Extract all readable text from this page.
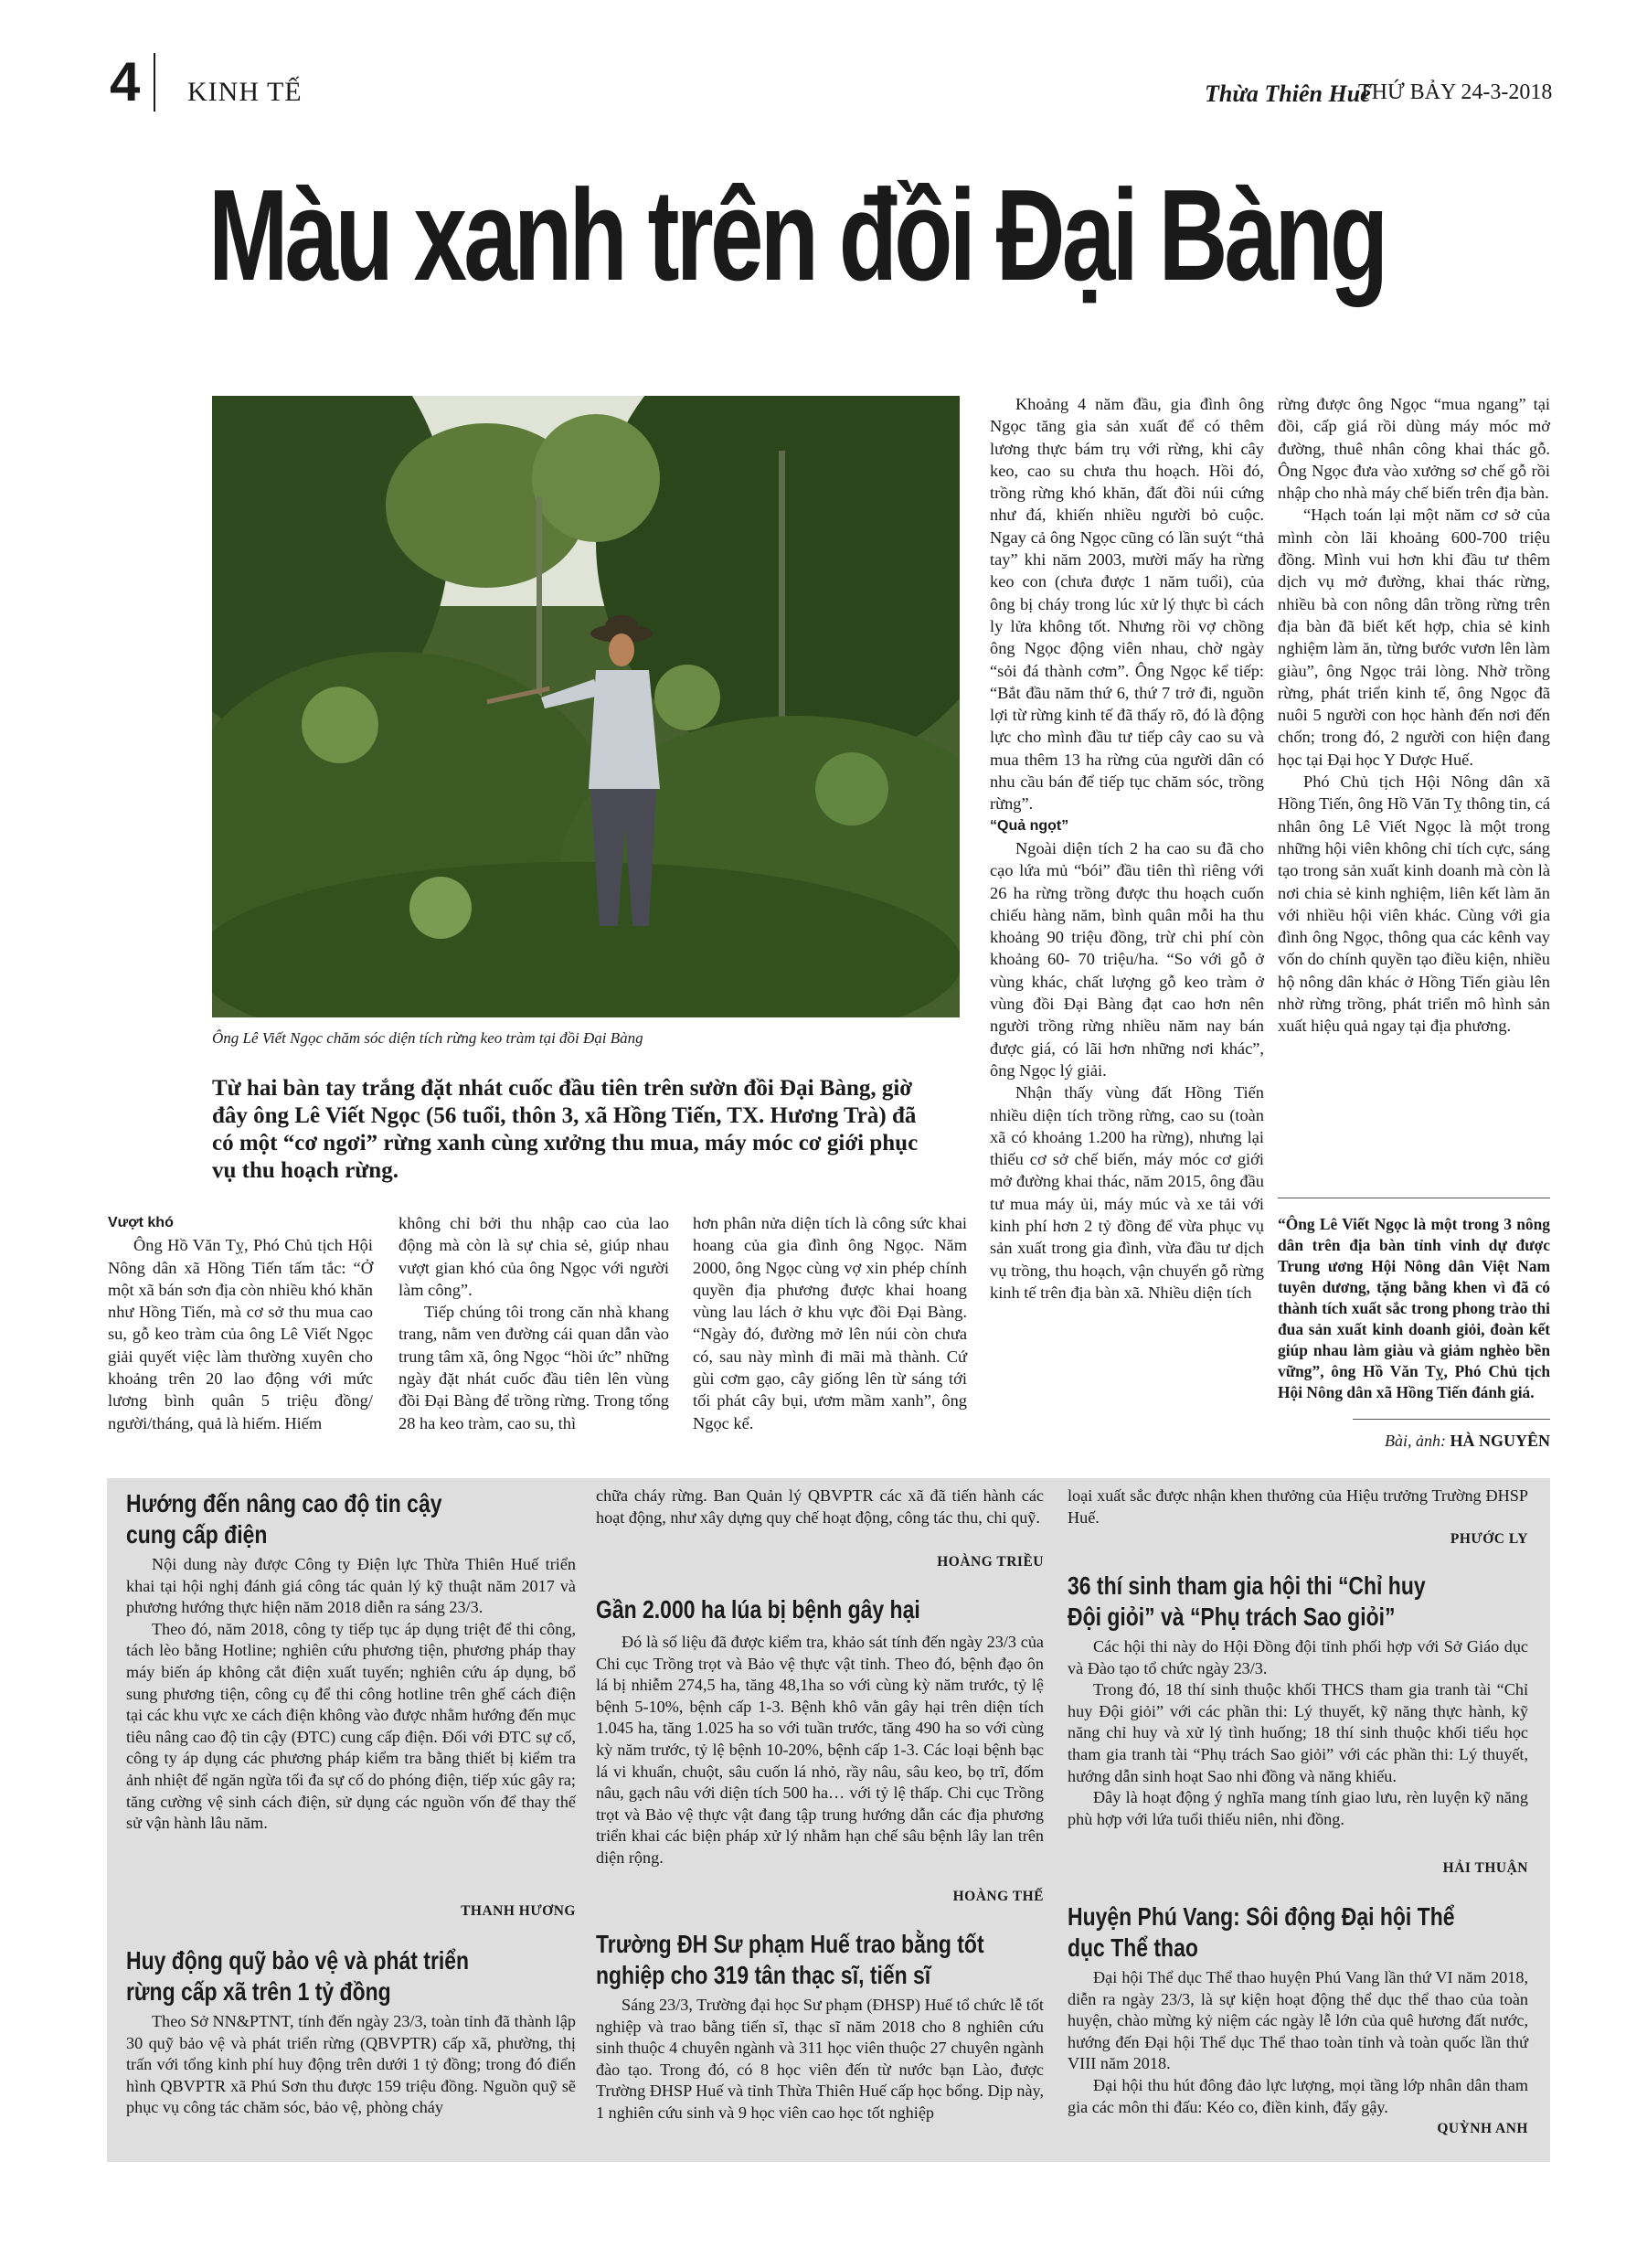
4 KINH TẾ	Thừa Thiên Huế
THỨ BẢY 24-3-2018
Màu xanh trên đồi Đại Bàng
Ông Lê Viết Ngọc chăm sóc diện tích rừng keo tràm tại đồi Đại Bàng
Từ hai bàn tay trắng đặt nhát cuốc đầu tiên trên sườn đồi Đại Bàng, giờ đây ông Lê Viết Ngọc (56 tuổi, thôn 3, xã Hồng Tiến, TX. Hương Trà) đã có một “cơ ngơi” rừng xanh cùng xưởng thu mua, máy móc cơ giới phục vụ thu hoạch rừng.

Vượt khó

Ông Hồ Văn Tỵ, Phó Chủ tịch Hội Nông dân xã Hồng Tiến tấm tắc: “Ở một xã bán sơn địa còn nhiều khó khăn như Hồng Tiến, mà cơ sở thu mua cao su, gỗ keo tràm của ông Lê Viết Ngọc giải quyết việc làm thường xuyên cho khoảng trên 20 lao động với mức lương bình quân 5 triệu đồng/ người/tháng, quả là hiếm. Hiếm

không chỉ bởi thu nhập cao của lao động mà còn là sự chia sẻ, giúp nhau vượt gian khó của ông Ngọc với người làm công”.

Tiếp chúng tôi trong căn nhà khang trang, nằm ven đường cái quan dẫn vào trung tâm xã, ông Ngọc “hồi ức” những ngày đặt nhát cuốc đầu tiên lên vùng đồi Đại Bàng để trồng rừng. Trong tổng 28 ha keo tràm, cao su, thì

hơn phân nửa diện tích là công sức khai hoang của gia đình ông Ngọc. Năm 2000, ông Ngọc cùng vợ xin phép chính quyền địa phương được khai hoang vùng lau lách ở khu vực đồi Đại Bàng. “Ngày đó, đường mở lên núi còn chưa có, sau này mình đi mãi mà thành. Cứ gùi cơm gạo, cây giống lên từ sáng tới tối phát cây bụi, ươm mầm xanh”, ông Ngọc kể.

Khoảng 4 năm đầu, gia đình ông Ngọc tăng gia sản xuất để có thêm lương thực bám trụ với rừng, khi cây keo, cao su chưa thu hoạch. Hồi đó, trồng rừng khó khăn, đất đồi núi cứng như đá, khiến nhiều người bỏ cuộc. Ngay cả ông Ngọc cũng có lần suýt “thả tay” khi năm 2003, mười mấy ha rừng keo con (chưa được 1 năm tuổi), của ông bị cháy trong lúc xử lý thực bì cách ly lửa không tốt. Nhưng rồi vợ chồng ông Ngọc động viên nhau, chờ ngày “sỏi đá thành cơm”. Ông Ngọc kể tiếp: “Bắt đầu năm thứ 6, thứ 7 trở đi, nguồn lợi từ rừng kinh tế đã thấy rõ, đó là động lực cho mình đầu tư tiếp cây cao su và mua thêm 13 ha rừng của người dân có nhu cầu bán để tiếp tục chăm sóc, trồng rừng”.

“Quả ngọt”

Ngoài diện tích 2 ha cao su đã cho cạo lứa mủ “bói” đầu tiên thì riêng với 26 ha rừng trồng được thu hoạch cuốn chiếu hàng năm, bình quân mỗi ha thu khoảng 90 triệu đồng, trừ chi phí còn khoảng 60- 70 triệu/ha. “So với gỗ ở vùng khác, chất lượng gỗ keo tràm ở vùng đồi Đại Bàng đạt cao hơn nên người trồng rừng nhiều năm nay bán được giá, có lãi hơn những nơi khác”, ông Ngọc lý giải.

Nhận thấy vùng đất Hồng Tiến nhiều diện tích trồng rừng, cao su (toàn xã có khoảng 1.200 ha rừng), nhưng lại thiếu cơ sở chế biến, máy móc cơ giới mở đường khai thác, năm 2015, ông đầu tư mua máy ủi, máy múc và xe tải với kinh phí hơn 2 tỷ đồng để vừa phục vụ sản xuất trong gia đình, vừa đầu tư dịch vụ trồng, thu hoạch, vận chuyển gỗ rừng kinh tế trên địa bàn xã. Nhiều diện tích

rừng được ông Ngọc “mua ngang” tại đồi, cấp giá rồi dùng máy móc mở đường, thuê nhân công khai thác gỗ. Ông Ngọc đưa vào xưởng sơ chế gỗ rồi nhập cho nhà máy chế biến trên địa bàn.

“Hạch toán lại một năm cơ sở của mình còn lãi khoảng 600-700 triệu đồng. Mình vui hơn khi đầu tư thêm dịch vụ mở đường, khai thác rừng, nhiều bà con nông dân trồng rừng trên địa bàn đã biết kết hợp, chia sẻ kinh nghiệm làm ăn, từng bước vươn lên làm giàu”, ông Ngọc trải lòng. Nhờ trồng rừng, phát triển kinh tế, ông Ngọc đã nuôi 5 người con học hành đến nơi đến chốn; trong đó, 2 người con hiện đang học tại Đại học Y Dược Huế.

Phó Chủ tịch Hội Nông dân xã Hồng Tiến, ông Hồ Văn Tỵ thông tin, cá nhân ông Lê Viết Ngọc là một trong những hội viên không chỉ tích cực, sáng tạo trong sản xuất kinh doanh mà còn là nơi chia sẻ kinh nghiệm, liên kết làm ăn với nhiều hội viên khác. Cùng với gia đình ông Ngọc, thông qua các kênh vay vốn do chính quyền tạo điều kiện, nhiều hộ nông dân khác ở Hồng Tiến giàu lên nhờ rừng trồng, phát triển mô hình sản xuất hiệu quả ngay tại địa phương.

“Ông Lê Viết Ngọc là một trong 3 nông dân trên địa bàn tỉnh vinh dự được Trung ương Hội Nông dân Việt Nam tuyên dương, tặng bằng khen vì đã có thành tích xuất sắc trong phong trào thi đua sản xuất kinh doanh giỏi, đoàn kết giúp nhau làm giàu và giảm nghèo bền vững”, ông Hồ Văn Tỵ, Phó Chủ tịch Hội Nông dân xã Hồng Tiến đánh giá.
Bài, ảnh: HÀ NGUYÊN
Hướng đến nâng cao độ tin cậy
cung cấp điện

Nội dung này được Công ty Điện lực Thừa Thiên Huế triển khai tại hội nghị đánh giá công tác quản lý kỹ thuật năm 2017 và phương hướng thực hiện năm 2018 diễn ra sáng 23/3.

Theo đó, năm 2018, công ty tiếp tục áp dụng triệt để thi công, tách lèo bằng Hotline; nghiên cứu phương tiện, phương pháp thay máy biến áp không cắt điện xuất tuyến; nghiên cứu áp dụng, bổ sung phương tiện, công cụ để thi công hotline trên ghế cách điện tại các khu vực xe cách điện không vào được nhằm hướng đến mục tiêu nâng cao độ tin cậy (ĐTC) cung cấp điện. Đối với ĐTC sự cố, công ty áp dụng các phương pháp kiểm tra bằng thiết bị kiểm tra ảnh nhiệt để ngăn ngừa tối đa sự cố do phóng điện, tiếp xúc gây ra; tăng cường vệ sinh cách điện, sử dụng các nguồn vốn để thay thế sử vận hành lâu năm.

THANH HƯƠNG
Huy động quỹ bảo vệ và phát triển
rừng cấp xã trên 1 tỷ đồng

Theo Sở NN&PTNT, tính đến ngày 23/3, toàn tỉnh đã thành lập 30 quỹ bảo vệ và phát triển rừng (QBVPTR) cấp xã, phường, thị trấn với tổng kinh phí huy động trên dưới 1 tỷ đồng; trong đó điển hình QBVPTR xã Phú Sơn thu được 159 triệu đồng. Nguồn quỹ sẽ phục vụ công tác chăm sóc, bảo vệ, phòng cháy

chữa cháy rừng. Ban Quản lý QBVPTR các xã đã tiến hành các hoạt động, như xây dựng quy chế hoạt động, công tác thu, chi quỹ.

HOÀNG TRIỀU
Gần 2.000 ha lúa bị bệnh gây hại

Đó là số liệu đã được kiểm tra, khảo sát tính đến ngày 23/3 của Chi cục Trồng trọt và Bảo vệ thực vật tỉnh. Theo đó, bệnh đạo ôn lá bị nhiễm 274,5 ha, tăng 48,1ha so với cùng kỳ năm trước, tỷ lệ bệnh 5-10%, bệnh cấp 1-3. Bệnh khô vằn gây hại trên diện tích 1.045 ha, tăng 1.025 ha so với tuần trước, tăng 490 ha so với cùng kỳ năm trước, tỷ lệ bệnh 10-20%, bệnh cấp 1-3. Các loại bệnh bạc lá vi khuẩn, chuột, sâu cuốn lá nhỏ, rầy nâu, sâu keo, bọ trĩ, đốm nâu, gạch nâu với diện tích 500 ha… với tỷ lệ thấp. Chi cục Trồng trọt và Bảo vệ thực vật đang tập trung hướng dẫn các địa phương triển khai các biện pháp xử lý nhằm hạn chế sâu bệnh lây lan trên diện rộng.

HOÀNG THẾ
Trường ĐH Sư phạm Huế trao bằng tốt
nghiệp cho 319 tân thạc sĩ, tiến sĩ

Sáng 23/3, Trường đại học Sư phạm (ĐHSP) Huế tổ chức lễ tốt nghiệp và trao bằng tiến sĩ, thạc sĩ năm 2018 cho 8 nghiên cứu sinh thuộc 4 chuyên ngành và 311 học viên thuộc 27 chuyên ngành đào tạo. Trong đó, có 8 học viên đến từ nước bạn Lào, được Trường ĐHSP Huế và tỉnh Thừa Thiên Huế cấp học bổng. Dịp này, 1 nghiên cứu sinh và 9 học viên cao học tốt nghiệp

loại xuất sắc được nhận khen thưởng của Hiệu trưởng Trường ĐHSP Huế.

PHƯỚC LY
36 thí sinh tham gia hội thi “Chỉ huy
Đội giỏi” và “Phụ trách Sao giỏi”

Các hội thi này do Hội Đồng đội tỉnh phối hợp với Sở Giáo dục và Đào tạo tổ chức ngày 23/3.

Trong đó, 18 thí sinh thuộc khối THCS tham gia tranh tài “Chỉ huy Đội giỏi” với các phần thi: Lý thuyết, kỹ năng thực hành, kỹ năng chỉ huy và xử lý tình huống; 18 thí sinh thuộc khối tiểu học tham gia tranh tài “Phụ trách Sao giỏi” với các phần thi: Lý thuyết, hướng dẫn sinh hoạt Sao nhi đồng và năng khiếu.

Đây là hoạt động ý nghĩa mang tính giao lưu, rèn luyện kỹ năng phù hợp với lứa tuổi thiếu niên, nhi đồng.

HẢI THUẬN
Huyện Phú Vang: Sôi động Đại hội Thể
dục Thể thao

Đại hội Thể dục Thể thao huyện Phú Vang lần thứ VI năm 2018, diễn ra ngày 23/3, là sự kiện hoạt động thể dục thể thao của toàn huyện, chào mừng kỷ niệm các ngày lễ lớn của quê hương đất nước, hướng đến Đại hội Thể dục Thể thao toàn tỉnh và toàn quốc lần thứ VIII năm 2018.

Đại hội thu hút đông đảo lực lượng, mọi tầng lớp nhân dân tham gia các môn thi đấu: Kéo co, điền kinh, đẩy gậy.

QUỲNH ANH
